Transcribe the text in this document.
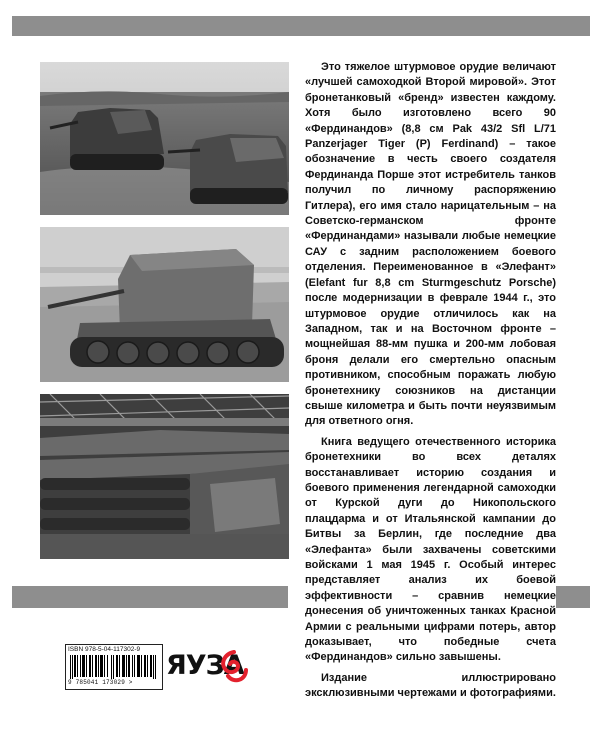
Это тяжелое штурмовое орудие величают «лучшей самоходкой Второй мировой». Этот бронетанковый «бренд» известен каждому. Хотя было изготовлено всего 90 «Фердинандов» (8,8 см Pak 43/2 Sfl L/71 Panzerjager Tiger (P) Ferdinand) – такое обозначение в честь своего создателя Фердинанда Порше этот истребитель танков получил по личному распоряжению Гитлера), его имя стало нарицательным – на Советско-германском фронте «Фердинандами» называли любые немецкие САУ с задним расположением боевого отделения. Переименованное в «Элефант» (Elefant fur 8,8 cm Sturmgeschutz Porsche) после модернизации в феврале 1944 г., это штурмовое орудие отличилось как на Западном, так и на Восточном фронте – мощнейшая 88-мм пушка и 200-мм лобовая броня делали его смертельно опасным противником, способным поражать любую бронетехнику союзников на дистанции свыше километра и быть почти неуязвимым для ответного огня.

Книга ведущего отечественного историка бронетехники во всех деталях восстанавливает историю создания и боевого применения легендарной самоходки от Курской дуги до Никопольского плацдарма и от Итальянской кампании до Битвы за Берлин, где последние два «Элефанта» были захвачены советскими войсками 1 мая 1945 г. Особый интерес представляет анализ их боевой эффективности – сравнив немецкие донесения об уничтоженных танках Красной Армии с реальными цифрами потерь, автор доказывает, что победные счета «Фердинандов» сильно завышены.

Издание иллюстрировано эксклюзивными чертежами и фотографиями.

ISBN 978-5-04-117302-9
9 785041 173029 >
ЯУЗА
